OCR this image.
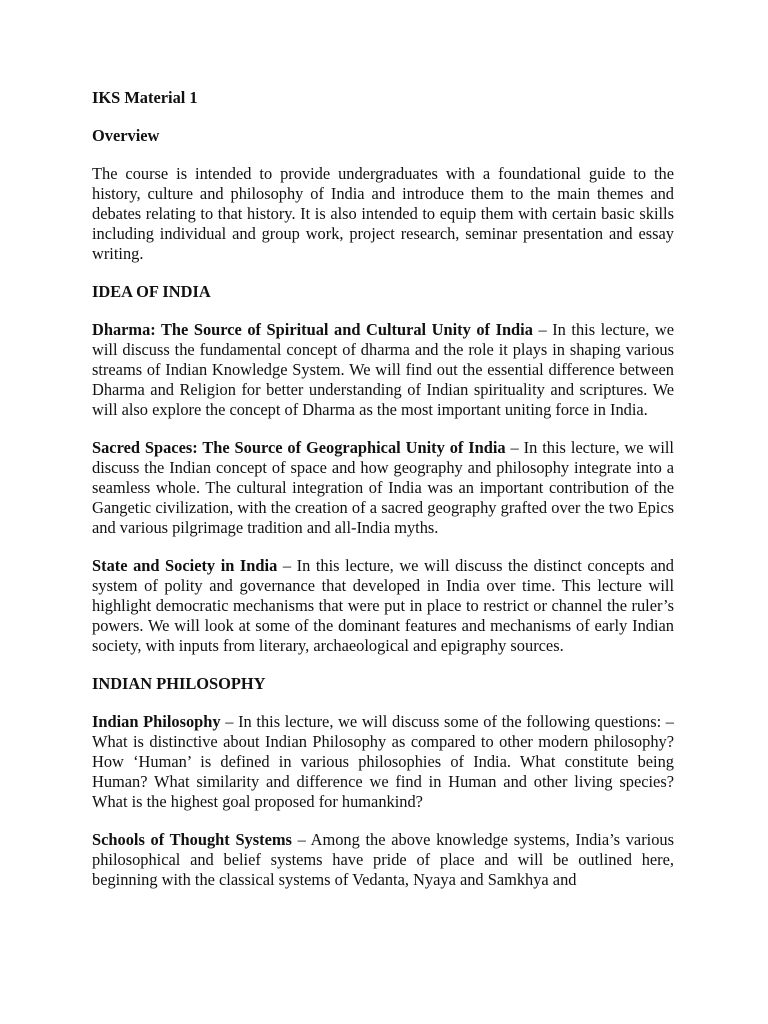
IKS Material 1

Overview

The course is intended to provide undergraduates with a foundational guide to the history, culture and philosophy of India and introduce them to the main themes and debates relating to that history. It is also intended to equip them with certain basic skills including individual and group work, project research, seminar presentation and essay writing.

IDEA OF INDIA

Dharma: The Source of Spiritual and Cultural Unity of India – In this lecture, we will discuss the fundamental concept of dharma and the role it plays in shaping various streams of Indian Knowledge System. We will find out the essential difference between Dharma and Religion for better understanding of Indian spirituality and scriptures. We will also explore the concept of Dharma as the most important uniting force in India.

Sacred Spaces: The Source of Geographical Unity of India – In this lecture, we will discuss the Indian concept of space and how geography and philosophy integrate into a seamless whole. The cultural integration of India was an important contribution of the Gangetic civilization, with the creation of a sacred geography grafted over the two Epics and various pilgrimage tradition and all-India myths.

State and Society in India – In this lecture, we will discuss the distinct concepts and system of polity and governance that developed in India over time. This lecture will highlight democratic mechanisms that were put in place to restrict or channel the ruler’s powers. We will look at some of the dominant features and mechanisms of early Indian society, with inputs from literary, archaeological and epigraphy sources.

INDIAN PHILOSOPHY

Indian Philosophy – In this lecture, we will discuss some of the following questions: – What is distinctive about Indian Philosophy as compared to other modern philosophy? How ‘Human’ is defined in various philosophies of India. What constitute being Human? What similarity and difference we find in Human and other living species? What is the highest goal proposed for humankind?

Schools of Thought Systems – Among the above knowledge systems, India’s various philosophical and belief systems have pride of place and will be outlined here, beginning with the classical systems of Vedanta, Nyaya and Samkhya and
